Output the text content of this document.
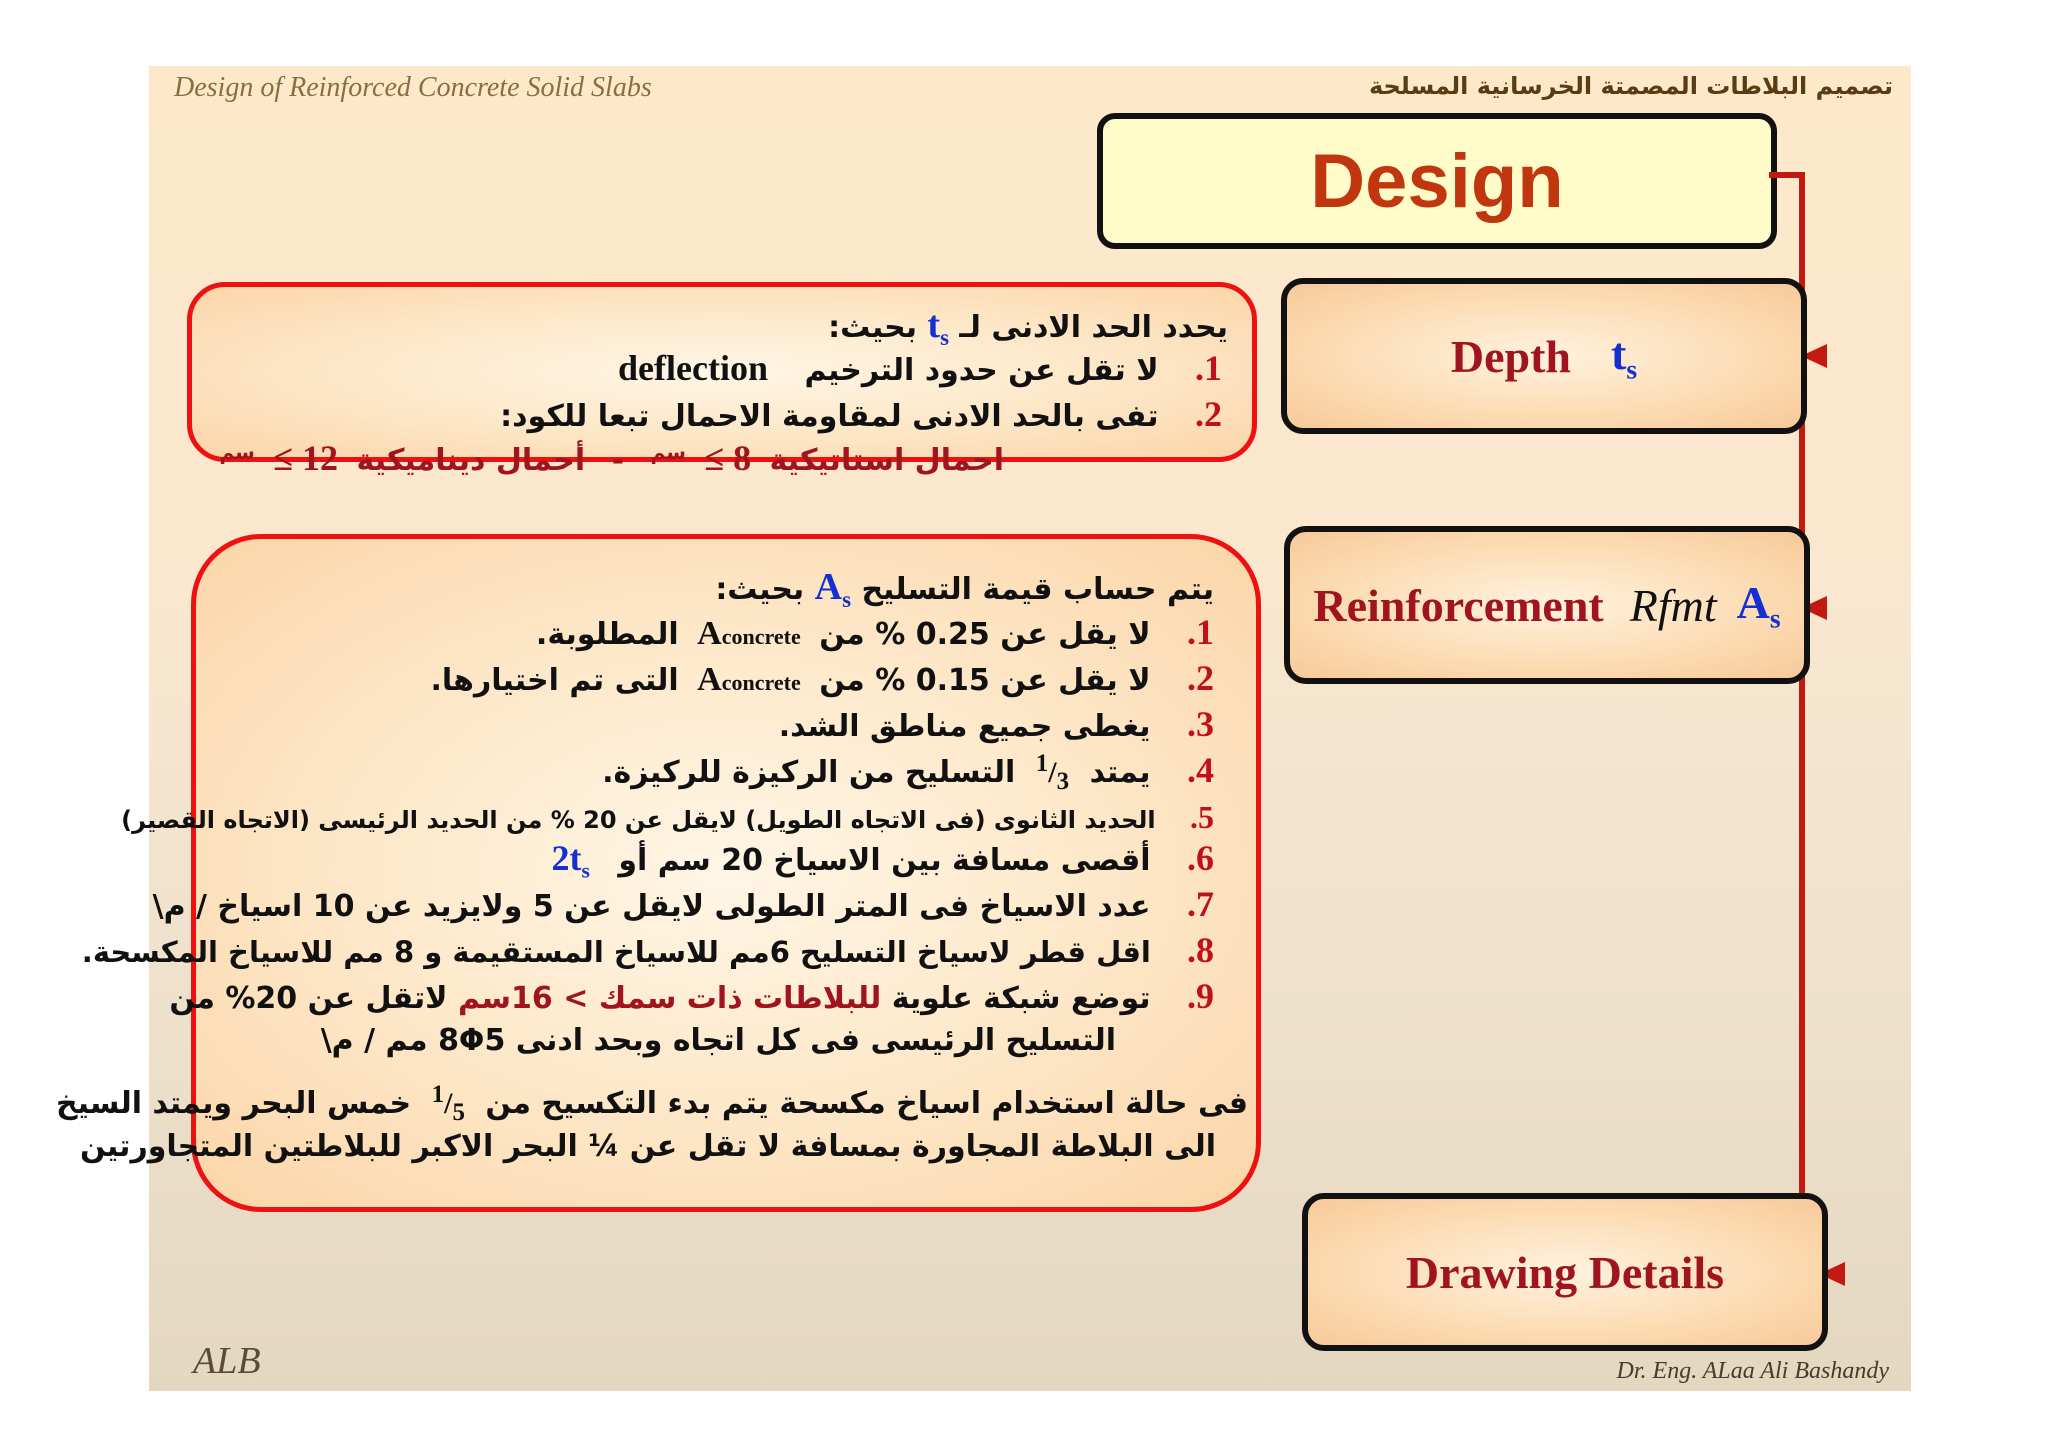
Design of Reinforced Concrete Solid Slabs	تصميم البلاطات المصمتة الخرسانية المسلحة
Design
Depth $t_s$
Reinforcement Rfmt $A_s$
Drawing Details
يحدد الحد الادنى لـ $t_s$ بحيث:
.1 لا تقل عن حدود الترخيم deflection
.2 تفى بالحد الادنى لمقاومة الاحمال تبعا للكود:
احمال استاتيكية ≤ 8 $^{سم}$ - أحمال ديناميكية ≤ 12 $^{سم}$
يتم حساب قيمة التسليح $A_s$ بحيث:
.1 لا يقل عن 0.25 % من Aconcrete المطلوبة.
.2 لا يقل عن 0.15 % من Aconcrete التى تم اختيارها.
.3 يغطى جميع مناطق الشد.
.4 يمتد $^1/_3$ التسليح من الركيزة للركيزة.
.5 الحديد الثانوى (فى الاتجاه الطويل) لايقل عن 20 % من الحديد الرئيسى (الاتجاه القصير)
.6 أقصى مسافة بين الاسياخ 20 سم أو $2t_s$
.7 عدد الاسياخ فى المتر الطولى لايقل عن 5 ولايزيد عن 10 اسياخ / م\
.8 اقل قطر لاسياخ التسليح 6مم للاسياخ المستقيمة و 8 مم للاسياخ المكسحة.
.9 توضع شبكة علوية للبلاطات ذات سمك > 16سم لاتقل عن 20% من
التسليح الرئيسى فى كل اتجاه وبحد ادنى 8Φ5 مم / م\
فى حالة استخدام اسياخ مكسحة يتم بدء التكسيح من $^1/_5$ خمس البحر ويمتد السيخ
الى البلاطة المجاورة بمسافة لا تقل عن ¼ البحر الاكبر للبلاطتين المتجاورتين
ALB	Dr. Eng. ALaa Ali Bashandy
